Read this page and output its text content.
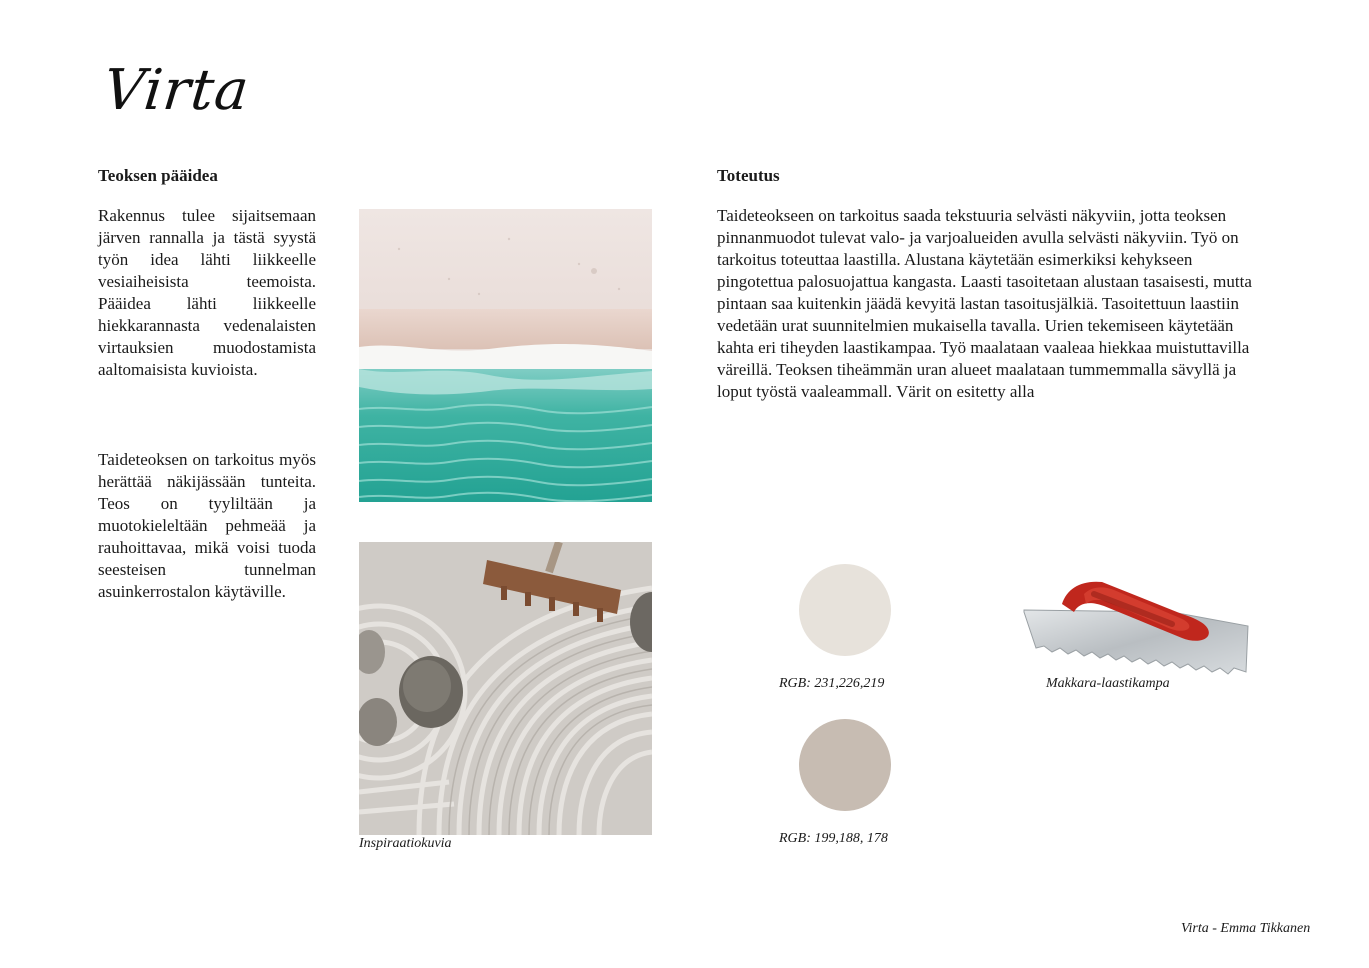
Virta
Teoksen pääidea
Rakennus tulee sijaitsemaan järven rannalla ja tästä syystä työn idea lähti liikkeelle vesiaiheisista teemoista. Pääidea lähti liikkeelle hiekkarannasta vedenalaisten virtauksien muodostamista aaltomaisista kuvioista.
Taideteoksen on tarkoitus myös herättää näkijässään tunteita. Teos on tyyliltään ja muotokieleltään pehmeää ja rauhoittavaa, mikä voisi tuoda seesteisen tunnelman asuinkerrostalon käytäville.
Inspiraatiokuvia
Toteutus
Taideteokseen on tarkoitus saada tekstuuria selvästi näkyviin, jotta teoksen pinnanmuodot tulevat valo- ja varjoalueiden avulla selvästi näkyviin. Työ on tarkoitus toteuttaa laastilla. Alustana käytetään esimerkiksi kehykseen pingotettua palosuojattua kangasta. Laasti tasoitetaan alustaan tasaisesti, mutta pintaan saa kuitenkin jäädä kevyitä lastan tasoitusjälkiä. Tasoitettuun laastiin vedetään urat suunnitelmien mukaisella tavalla. Urien tekemiseen käytetään kahta eri tiheyden laastikampaa. Työ maalataan vaaleaa hiekkaa muistuttavilla väreillä. Teoksen tiheämmän uran alueet maalataan tummemmalla sävyllä ja loput työstä vaaleammall. Värit on esitetty alla
RGB: 231,226,219
RGB: 199,188, 178
Makkara-laastikampa
Virta - Emma Tikkanen
